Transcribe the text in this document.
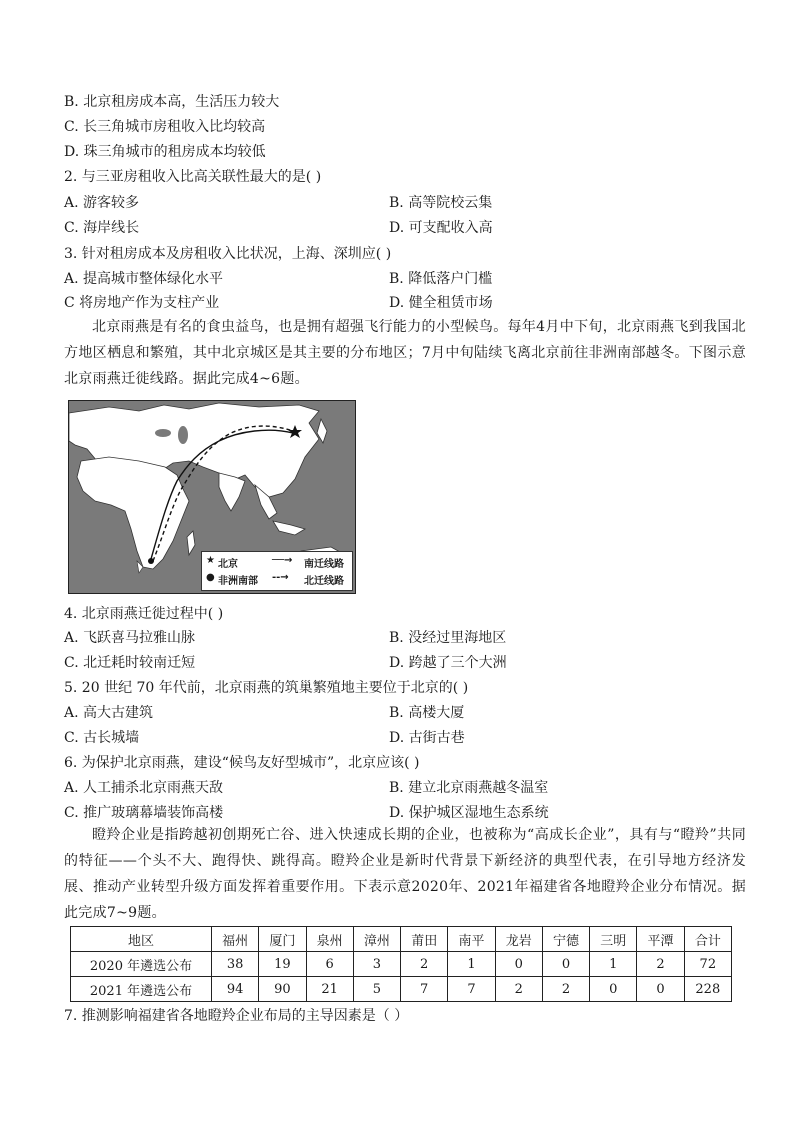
B. 北京租房成本高，生活压力较大
C. 长三角城市房租收入比均较高
D. 珠三角城市的租房成本均较低
2. 与三亚房租收入比高关联性最大的是( )
A. 游客较多	B. 高等院校云集
C. 海岸线长	D. 可支配收入高
3. 针对租房成本及房租收入比状况，上海、深圳应( )
A. 提高城市整体绿化水平	B. 降低落户门槛
C 将房地产作为支柱产业	D. 健全租赁市场
北京雨燕是有名的食虫益鸟，也是拥有超强飞行能力的小型候鸟。每年4月中下旬，北京雨燕飞到我国北方地区栖息和繁殖，其中北京城区是其主要的分布地区；7月中旬陆续飞离北京前往非洲南部越冬。下图示意北京雨燕迁徙线路。据此完成4~6题。
★ 北京
● 非洲南部
──→ 南迁线路
--→ 北迁线路
4. 北京雨燕迁徙过程中( )
A. 飞跃喜马拉雅山脉	B. 没经过里海地区
C. 北迁耗时较南迁短	D. 跨越了三个大洲
5. 20 世纪 70 年代前，北京雨燕的筑巢繁殖地主要位于北京的( )
A. 高大古建筑	B. 高楼大厦
C. 古长城墙	D. 古街古巷
6. 为保护北京雨燕，建设“候鸟友好型城市”，北京应该( )
A. 人工捕杀北京雨燕天敌	B. 建立北京雨燕越冬温室
C. 推广玻璃幕墙装饰高楼	D. 保护城区湿地生态系统
瞪羚企业是指跨越初创期死亡谷、进入快速成长期的企业，也被称为“高成长企业”，具有与“瞪羚”共同的特征——个头不大、跑得快、跳得高。瞪羚企业是新时代背景下新经济的典型代表，在引导地方经济发展、推动产业转型升级方面发挥着重要作用。下表示意2020年、2021年福建省各地瞪羚企业分布情况。据此完成7~9题。
地区	福州	厦门	泉州	漳州	莆田	南平	龙岩	宁德	三明	平潭	合计
2020 年遴选公布	38	19	6	3	2	1	0	0	1	2	72
2021 年遴选公布	94	90	21	5	7	7	2	2	0	0	228
7. 推测影响福建省各地瞪羚企业布局的主导因素是（ ）
